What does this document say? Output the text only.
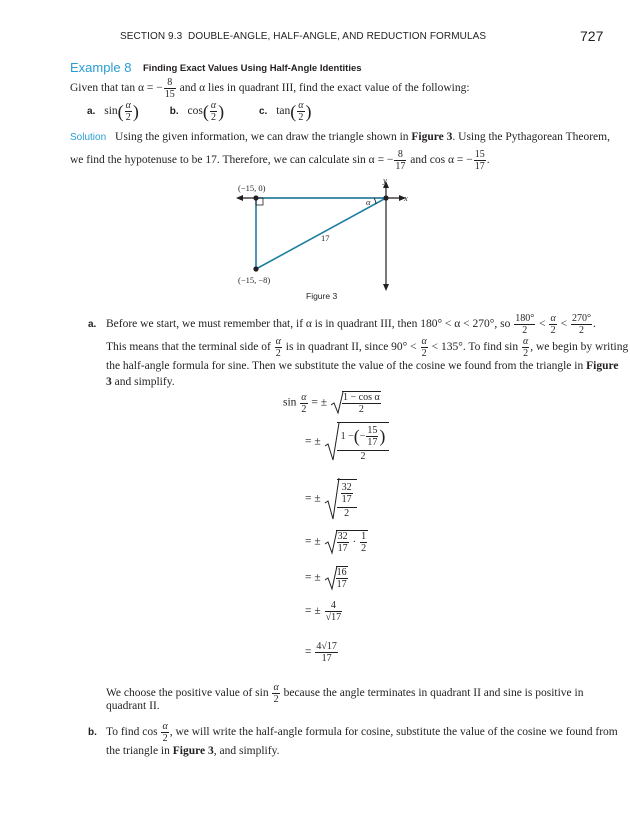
SECTION 9.3 DOUBLE-ANGLE, HALF-ANGLE, AND REDUCTION FORMULAS	727
Example 8 Finding Exact Values Using Half-Angle Identities
Given that tan α = − $\frac{8}{15}$ and α lies in quadrant III, find the exact value of the following:
a. $\sin( \frac{\alpha}{2}$ )	b. $\cos( \frac{\alpha}{2}$ )	c. $\tan( \frac{\alpha}{2}$ )
Solution Using the given information, we can draw the triangle shown in Figure 3. Using the Pythagorean Theorem,
we find the hypotenuse to be 17. Therefore, we can calculate sin α = − $\frac{8}{17}$ and cos α = − $\frac{15}{17}$ .
(−15, 0)
(−15, −8)
17
α	x
y
Figure 3
a. Before we start, we must remember that, if α is in quadrant III, then 180° < α < 270°, so $\frac{180^\circ}{2} < \frac{\alpha}{2} < \frac{270^\circ}{2}$ .
This means that the terminal side of $\frac{\alpha}{2}$ is in quadrant II, since $90^\circ < \frac{\alpha}{2} < 135^\circ$. To find $\sin \frac{\alpha}{2}$ , we begin by writing
the half-angle formula for sine. Then we substitute the value of the cosine we found from the triangle in Figure
3 and simplify.
$\sin \frac{\alpha}{2}$ = ± $\frac{\text{1 − cos α}}{2}$
= ± $\frac{1 -(- \frac{15}{17} )}{2}$
= ± $\frac{\frac{32}{17}}{2}$
= ± $\frac{32}{17} \cdot \frac{1}{2}$
= ± $\frac{16}{17}$
= ± $\frac{4}{√17}$
= $\frac{4√17}{17}$
We choose the positive value of $\sin \frac{\alpha}{2}$ because the angle terminates in quadrant II and sine is positive in
quadrant II.
b. To find $\cos \frac{\alpha}{2}$ , we will write the half-angle formula for cosine, substitute the value of the cosine we found from
the triangle in Figure 3, and simplify.
